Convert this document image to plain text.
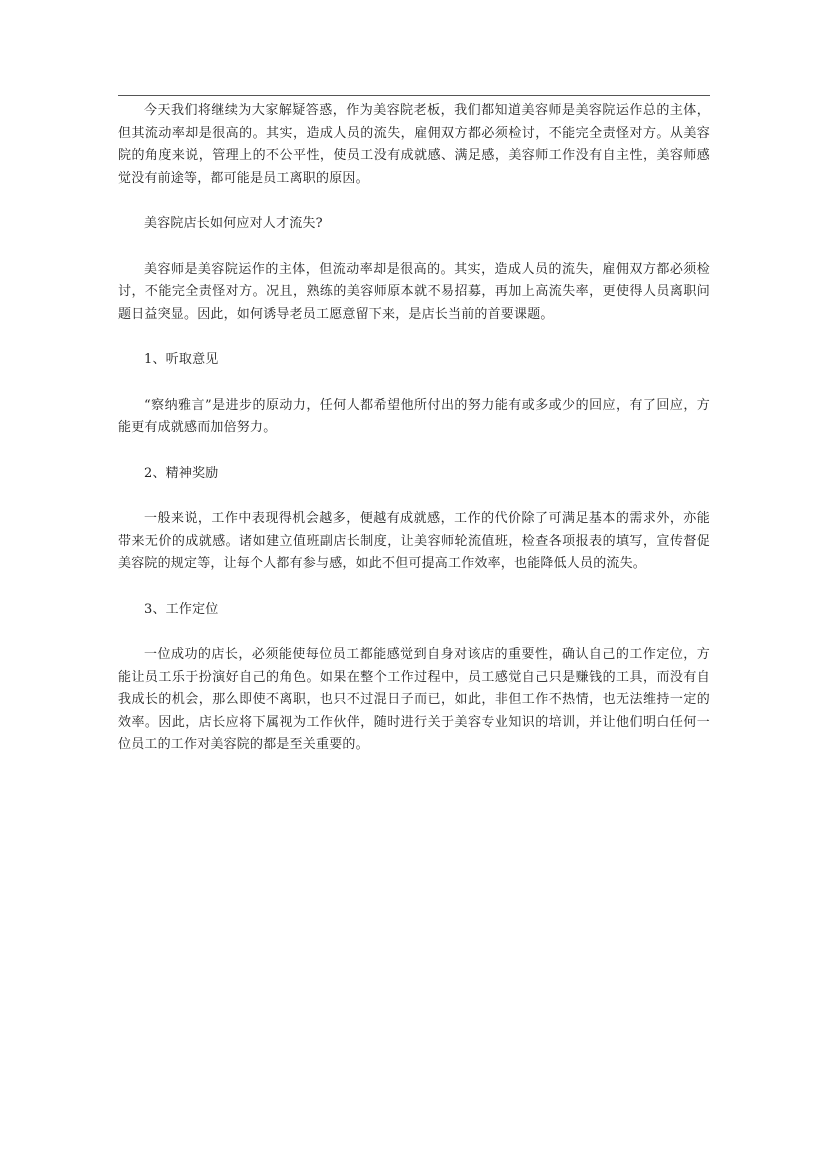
今天我们将继续为大家解疑答惑，作为美容院老板，我们都知道美容师是美容院运作总的主体，但其流动率却是很高的。其实，造成人员的流失，雇佣双方都必须检讨，不能完全责怪对方。从美容院的角度来说，管理上的不公平性，使员工没有成就感、满足感，美容师工作没有自主性，美容师感觉没有前途等，都可能是员工离职的原因。

美容院店长如何应对人才流失?

美容师是美容院运作的主体，但流动率却是很高的。其实，造成人员的流失，雇佣双方都必须检讨，不能完全责怪对方。况且，熟练的美容师原本就不易招募，再加上高流失率，更使得人员离职问题日益突显。因此，如何诱导老员工愿意留下来，是店长当前的首要课题。

1、听取意见

“察纳雅言”是进步的原动力，任何人都希望他所付出的努力能有或多或少的回应，有了回应，方能更有成就感而加倍努力。

2、精神奖励

一般来说，工作中表现得机会越多，便越有成就感，工作的代价除了可满足基本的需求外，亦能带来无价的成就感。诸如建立值班副店长制度，让美容师轮流值班，检查各项报表的填写，宣传督促美容院的规定等，让每个人都有参与感，如此不但可提高工作效率，也能降低人员的流失。

3、工作定位

一位成功的店长，必须能使每位员工都能感觉到自身对该店的重要性，确认自己的工作定位，方能让员工乐于扮演好自己的角色。如果在整个工作过程中，员工感觉自己只是赚钱的工具，而没有自我成长的机会，那么即使不离职，也只不过混日子而已，如此，非但工作不热情，也无法维持一定的效率。因此，店长应将下属视为工作伙伴，随时进行关于美容专业知识的培训，并让他们明白任何一位员工的工作对美容院的都是至关重要的。
